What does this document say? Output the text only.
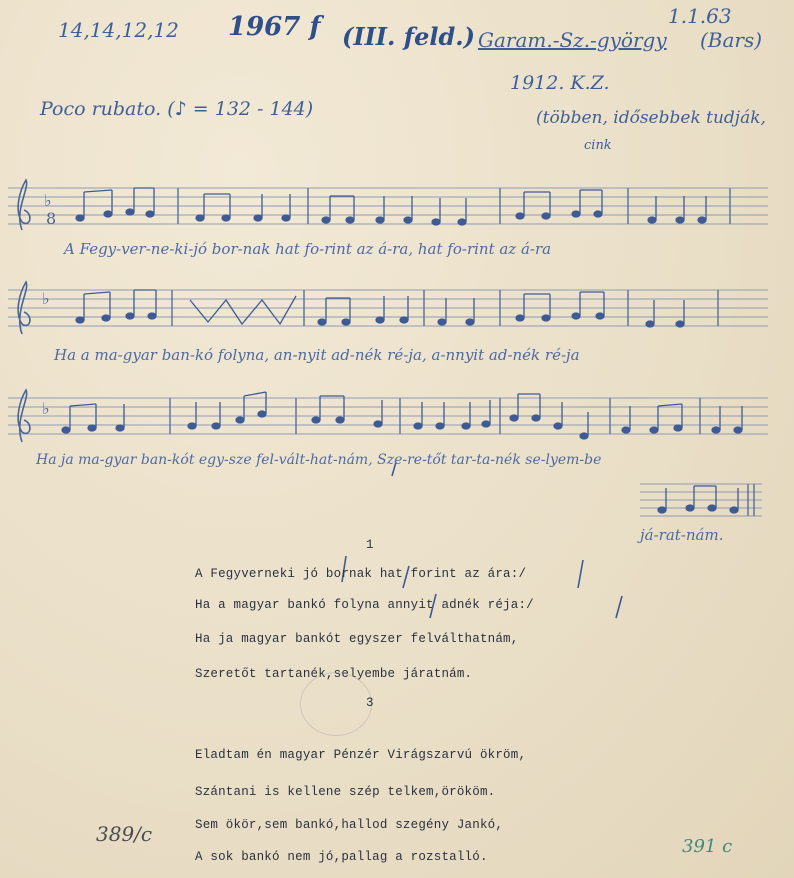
14,14,12,12 1967 f (III. feld.) Garam.-Sz.-györgy
1.1.63
(Bars)
1912. K.Z.
(többen, idősebbek tudják,
cink
Poco rubato. (♪ = 132 - 144)
♭
8
♭
♭
A Fegy-ver-ne-ki-jó bor-nak hat fo-rint az á-ra, hat fo-rint az á-ra
Ha a ma-gyar ban-kó folyna, an-nyit ad-nék ré-ja, a-nnyit ad-nék ré-ja
Ha ja ma-gyar ban-kót egy-sze fel-vált-hat-nám, Sze-re-tőt tar-ta-nék se-lyem-be
já-rat-nám.
1
A Fegyverneki jó bornak hat forint az ára:/
Ha a magyar bankó folyna annyit adnék réja:/
Ha ja magyar bankót egyszer felválthatnám,
Szeretőt tartanék,selyembe járatnám.
3
Eladtam én magyar Pénzér Virágszarvú ökröm,
Szántani is kellene szép telkem,örököm.
Sem ökör,sem bankó,hallod szegény Jankó,
A sok bankó nem jó,pallag a rozstalló.
389/c
391 c
